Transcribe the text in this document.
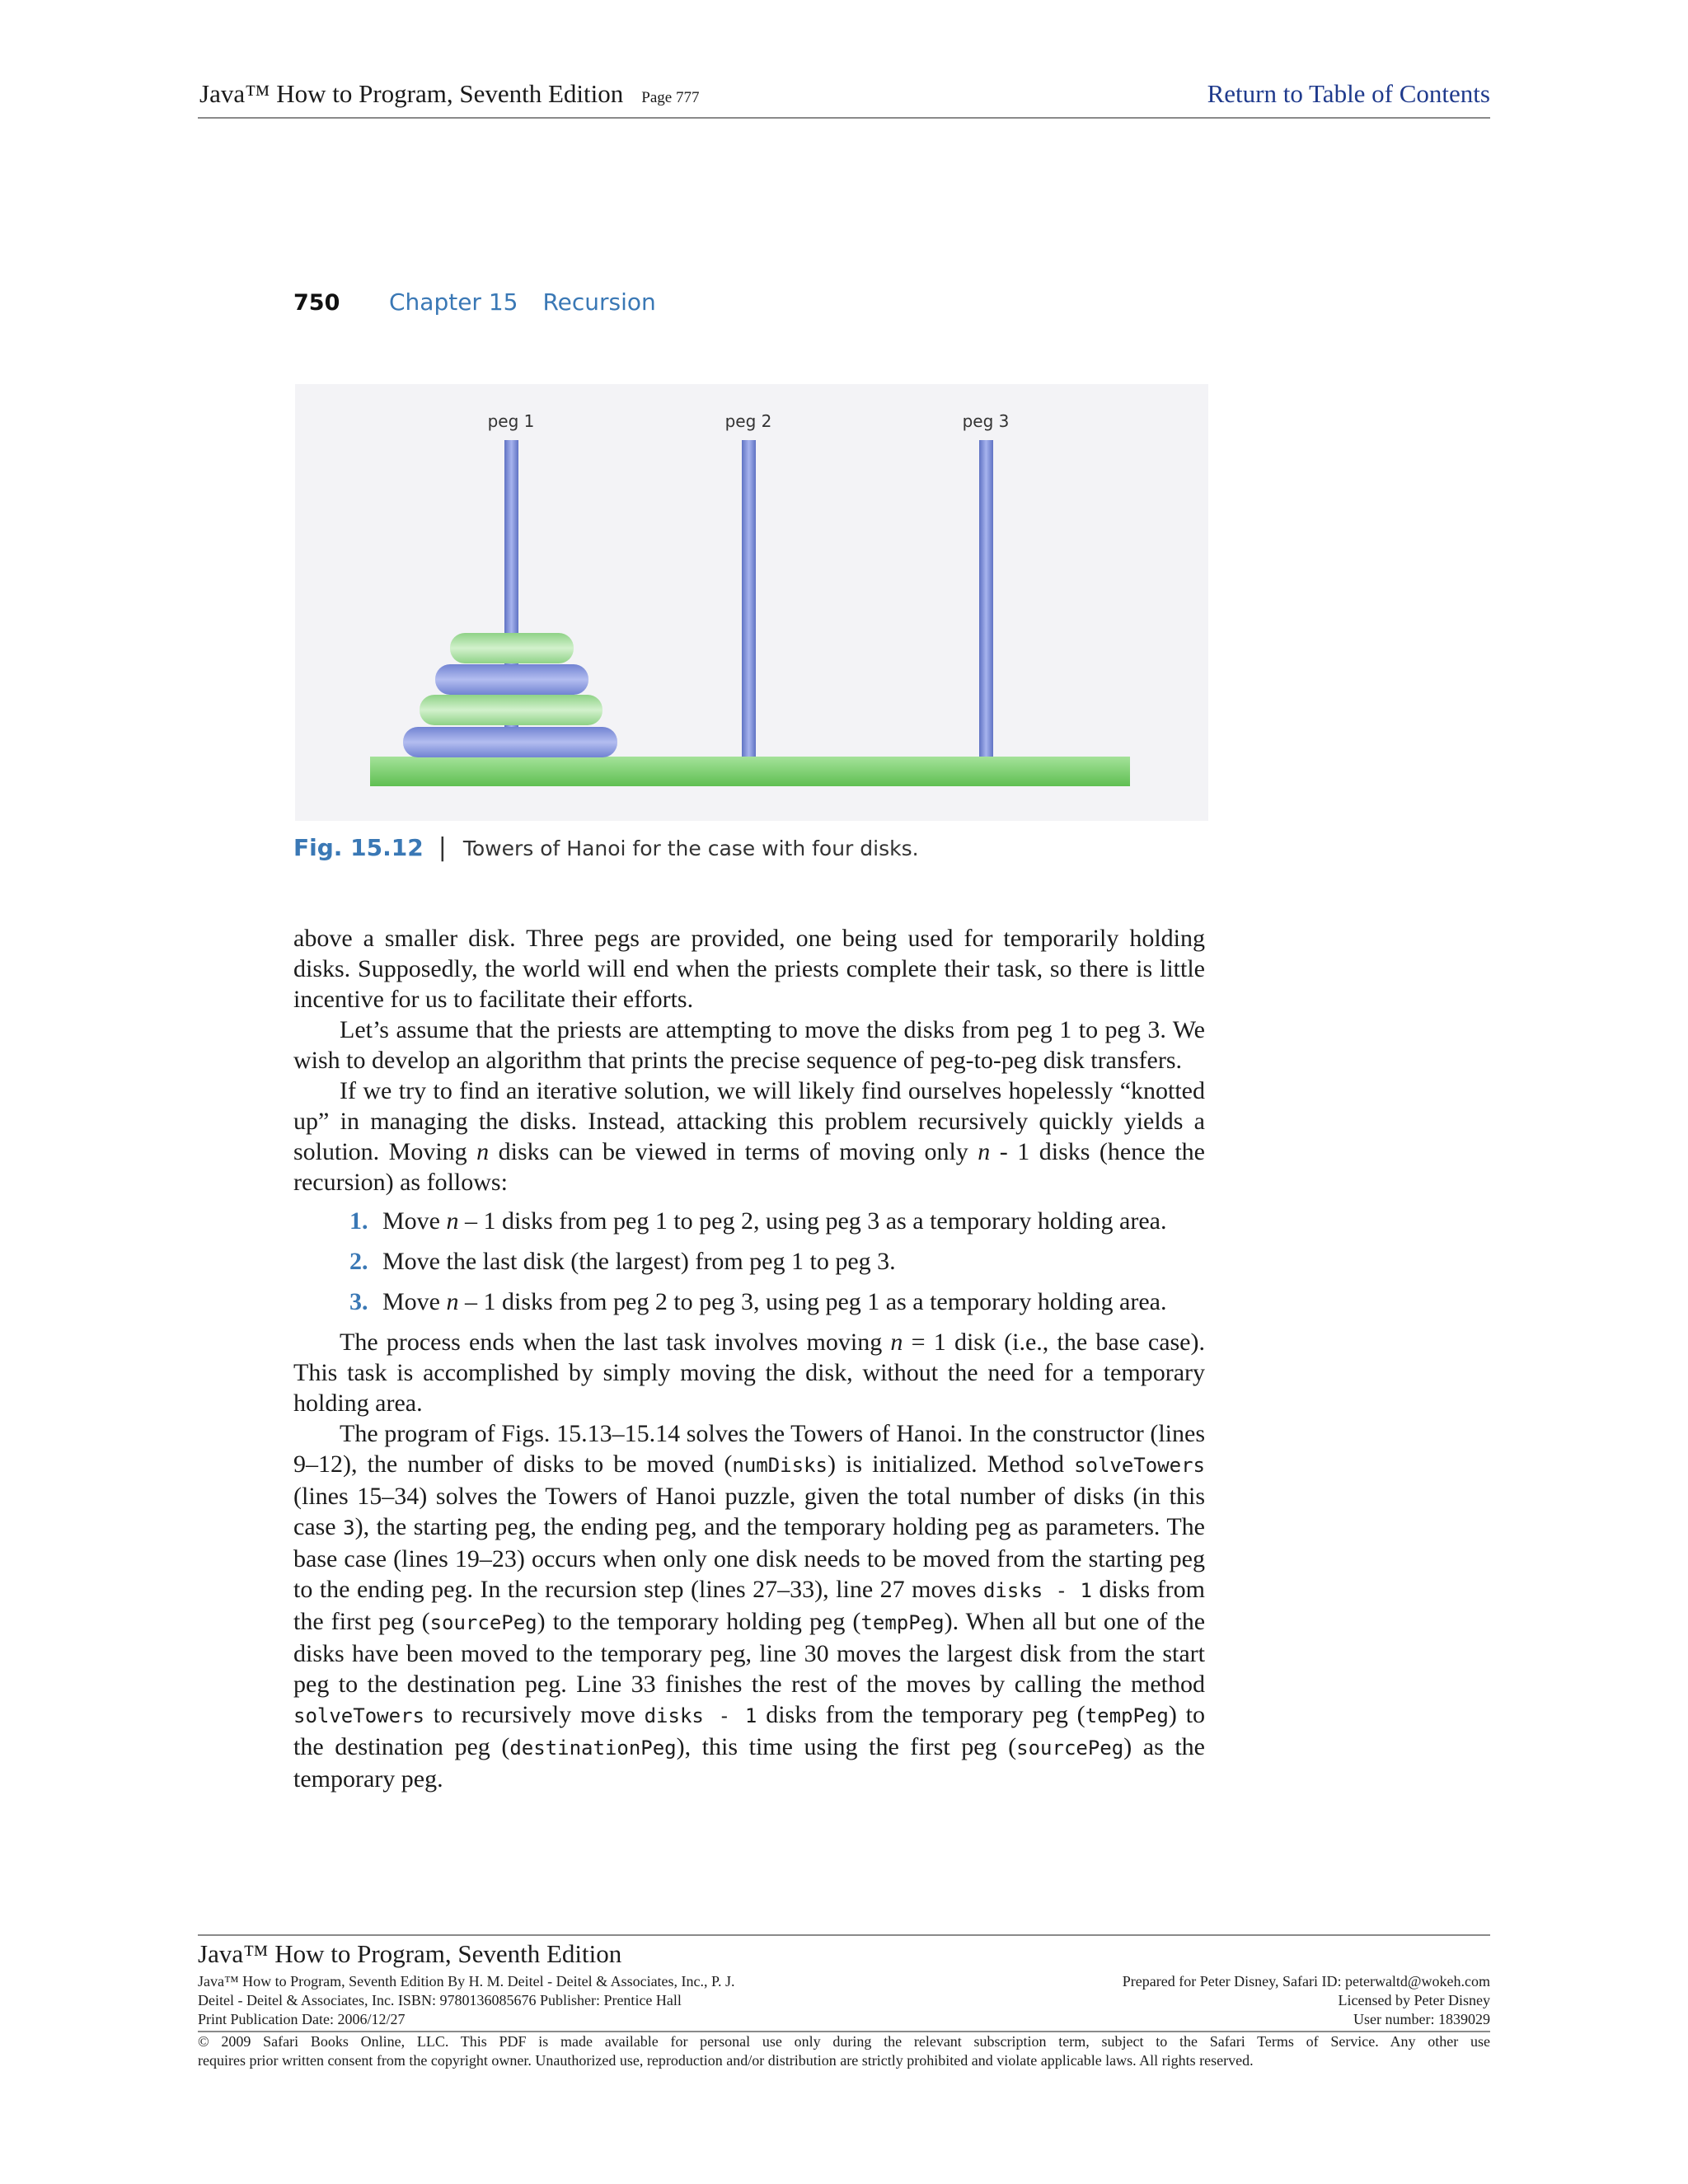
Java™ How to Program, Seventh Edition Page 777	Return to Table of Contents
750 Chapter 15 Recursion
peg 1	peg 2	peg 3
Fig. 15.12 | Towers of Hanoi for the case with four disks.

above a smaller disk. Three pegs are provided, one being used for temporarily holding disks. Supposedly, the world will end when the priests complete their task, so there is little incentive for us to facilitate their efforts.

Let’s assume that the priests are attempting to move the disks from peg 1 to peg 3. We wish to develop an algorithm that prints the precise sequence of peg-to-peg disk transfers.

If we try to find an iterative solution, we will likely find ourselves hopelessly “knotted up” in managing the disks. Instead, attacking this problem recursively quickly yields a solution. Moving n disks can be viewed in terms of moving only n - 1 disks (hence the recursion) as follows:

1. Move n – 1 disks from peg 1 to peg 2, using peg 3 as a temporary holding area.
2. Move the last disk (the largest) from peg 1 to peg 3.
3. Move n – 1 disks from peg 2 to peg 3, using peg 1 as a temporary holding area.

The process ends when the last task involves moving n = 1 disk (i.e., the base case). This task is accomplished by simply moving the disk, without the need for a temporary holding area.

The program of Figs. 15.13–15.14 solves the Towers of Hanoi. In the constructor (lines 9–12), the number of disks to be moved (numDisks) is initialized. Method solveTowers (lines 15–34) solves the Towers of Hanoi puzzle, given the total number of disks (in this case 3), the starting peg, the ending peg, and the temporary holding peg as parameters. The base case (lines 19–23) occurs when only one disk needs to be moved from the starting peg to the ending peg. In the recursion step (lines 27–33), line 27 moves disks - 1 disks from the first peg (sourcePeg) to the temporary holding peg (tempPeg). When all but one of the disks have been moved to the temporary peg, line 30 moves the largest disk from the start peg to the destination peg. Line 33 finishes the rest of the moves by calling the method solveTowers to recursively move disks - 1 disks from the temporary peg (tempPeg) to the destination peg (destinationPeg), this time using the first peg (sourcePeg) as the temporary peg.

Java™ How to Program, Seventh Edition
Java™ How to Program, Seventh Edition By H. M. Deitel - Deitel & Associates, Inc., P. J.	Prepared for Peter Disney, Safari ID: peterwaltd@wokeh.com
Deitel - Deitel & Associates, Inc. ISBN: 9780136085676 Publisher: Prentice Hall	Licensed by Peter Disney
Print Publication Date: 2006/12/27	User number: 1839029
© 2009 Safari Books Online, LLC. This PDF is made available for personal use only during the relevant subscription term, subject to the Safari Terms of Service. Any other use
requires prior written consent from the copyright owner. Unauthorized use, reproduction and/or distribution are strictly prohibited and violate applicable laws. All rights reserved.
